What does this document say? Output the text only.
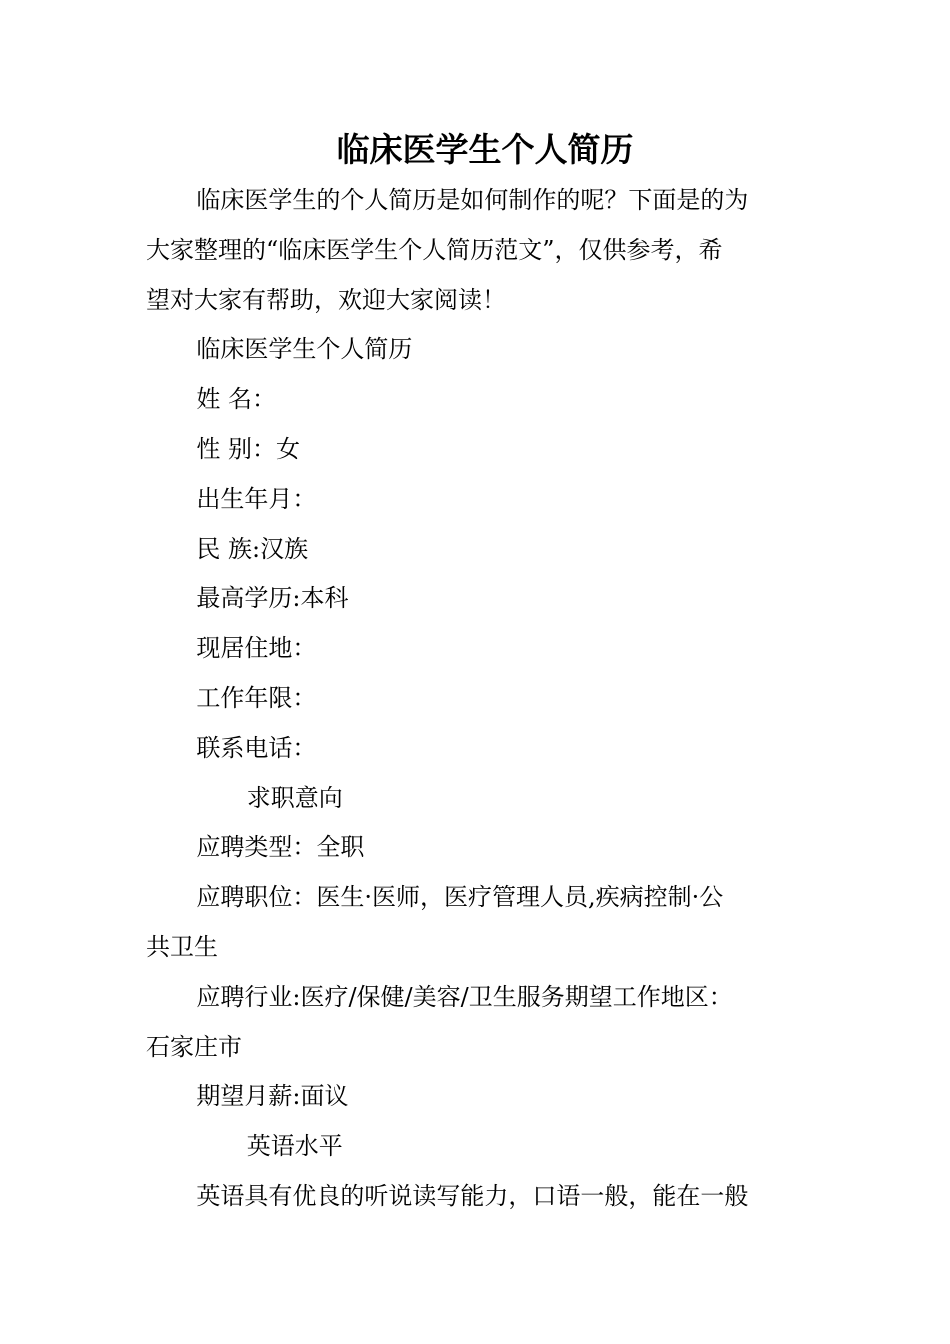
临床医学生个人简历
临床医学生的个人简历是如何制作的呢？下面是的为
大家整理的“临床医学生个人简历范文”，仅供参考，希
望对大家有帮助，欢迎大家阅读！
临床医学生个人简历
姓 名：
性 别：女
出生年月：
民 族:汉族
最高学历:本科
现居住地：
工作年限：
联系电话：
求职意向
应聘类型：全职
应聘职位：医生·医师，医疗管理人员,疾病控制·公
共卫生
应聘行业:医疗/保健/美容/卫生服务期望工作地区：
石家庄市
期望月薪:面议
英语水平
英语具有优良的听说读写能力，口语一般，能在一般
